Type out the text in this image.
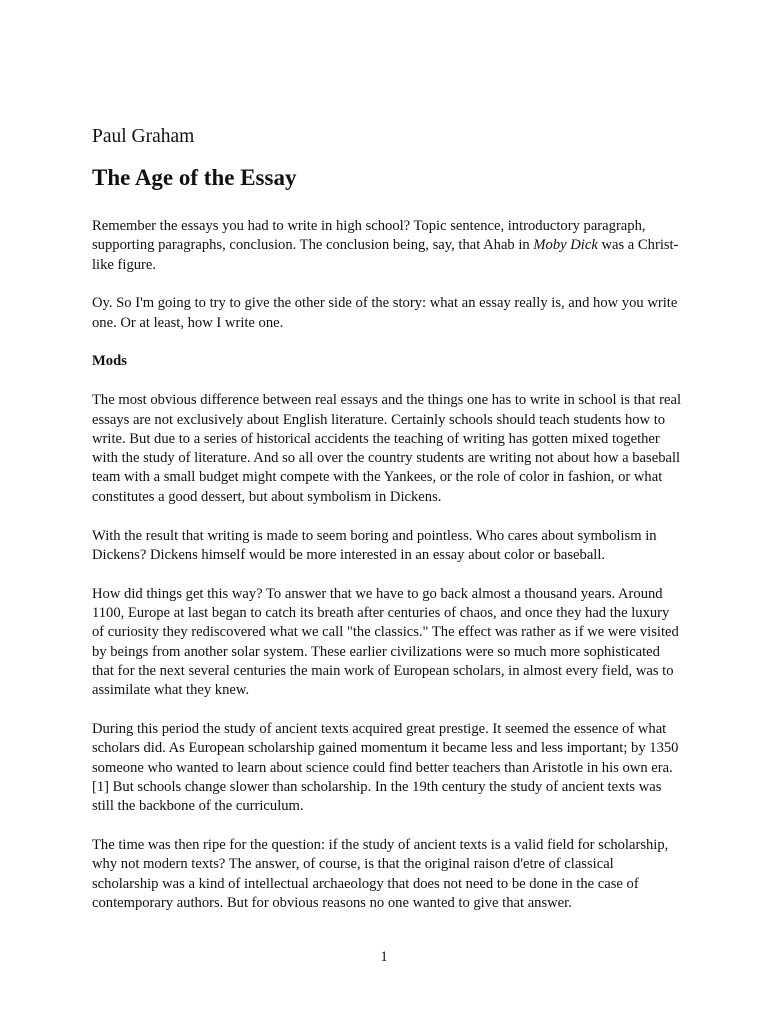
Paul Graham

The Age of the Essay

Remember the essays you had to write in high school? Topic sentence, introductory paragraph, supporting paragraphs, conclusion. The conclusion being, say, that Ahab in Moby Dick was a Christ-like figure.

Oy. So I'm going to try to give the other side of the story: what an essay really is, and how you write one. Or at least, how I write one.

Mods

The most obvious difference between real essays and the things one has to write in school is that real essays are not exclusively about English literature. Certainly schools should teach students how to write. But due to a series of historical accidents the teaching of writing has gotten mixed together with the study of literature. And so all over the country students are writing not about how a baseball team with a small budget might compete with the Yankees, or the role of color in fashion, or what constitutes a good dessert, but about symbolism in Dickens.

With the result that writing is made to seem boring and pointless. Who cares about symbolism in Dickens? Dickens himself would be more interested in an essay about color or baseball.

How did things get this way? To answer that we have to go back almost a thousand years. Around 1100, Europe at last began to catch its breath after centuries of chaos, and once they had the luxury of curiosity they rediscovered what we call "the classics." The effect was rather as if we were visited by beings from another solar system. These earlier civilizations were so much more sophisticated that for the next several centuries the main work of European scholars, in almost every field, was to assimilate what they knew.

During this period the study of ancient texts acquired great prestige. It seemed the essence of what scholars did. As European scholarship gained momentum it became less and less important; by 1350 someone who wanted to learn about science could find better teachers than Aristotle in his own era. [1] But schools change slower than scholarship. In the 19th century the study of ancient texts was still the backbone of the curriculum.

The time was then ripe for the question: if the study of ancient texts is a valid field for scholarship, why not modern texts? The answer, of course, is that the original raison d'etre of classical scholarship was a kind of intellectual archaeology that does not need to be done in the case of contemporary authors. But for obvious reasons no one wanted to give that answer.

1
